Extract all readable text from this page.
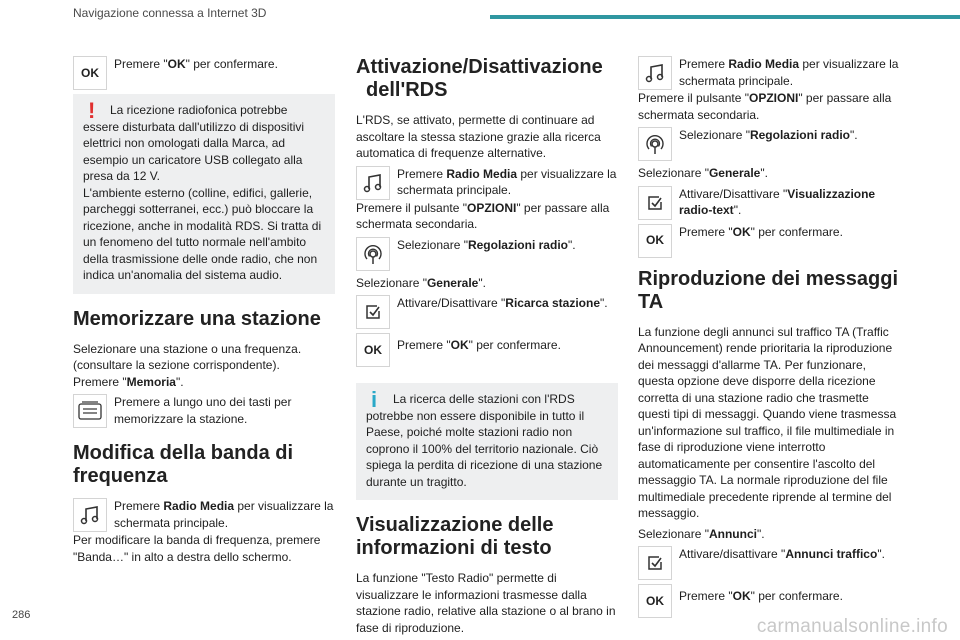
Navigazione connessa a Internet 3D
OK
Premere "OK" per confermare.
!	La ricezione radiofonica potrebbe essere disturbata dall'utilizzo di dispositivi elettrici non omologati dalla Marca, ad esempio un caricatore USB collegato alla presa da 12 V.
L'ambiente esterno (colline, edifici, gallerie, parcheggi sotterranei, ecc.) può bloccare la ricezione, anche in modalità RDS. Si tratta di un fenomeno del tutto normale nell'ambito della trasmissione delle onde radio, che non indica un'anomalia del sistema audio.
Memorizzare una stazione
Selezionare una stazione o una frequenza.
(consultare la sezione corrispondente).
Premere "Memoria".
Premere a lungo uno dei tasti per memorizzare la stazione.
Modifica della banda di
frequenza
Premere Radio Media per visualizzare la schermata principale.
Per modificare la banda di frequenza, premere "Banda…" in alto a destra dello schermo.
Attivazione/Disattivazione
dell'RDS
L'RDS, se attivato, permette di continuare ad ascoltare la stessa stazione grazie alla ricerca automatica di frequenze alternative.
Premere Radio Media per visualizzare la schermata principale.
Premere il pulsante "OPZIONI" per passare alla schermata secondaria.
Selezionare "Regolazioni radio".
Selezionare "Generale".
Attivare/Disattivare "Ricarca stazione".
OK Premere "OK" per confermare.
i	La ricerca delle stazioni con l'RDS potrebbe non essere disponibile in tutto il Paese, poiché molte stazioni radio non coprono il 100% del territorio nazionale. Ciò spiega la perdita di ricezione di una stazione durante un tragitto.
Visualizzazione delle
informazioni di testo
La funzione "Testo Radio" permette di visualizzare le informazioni trasmesse dalla stazione radio, relative alla stazione o al brano in fase di riproduzione.
Premere Radio Media per visualizzare la schermata principale.
Premere il pulsante "OPZIONI" per passare alla schermata secondaria.
Selezionare "Regolazioni radio".
Selezionare "Generale".
Attivare/Disattivare "Visualizzazione radio-text".
OK
Premere "OK" per confermare.
Riproduzione dei messaggi
TA
La funzione degli annunci sul traffico TA (Traffic Announcement) rende prioritaria la riproduzione dei messaggi d'allarme TA. Per funzionare, questa opzione deve disporre della ricezione corretta di una stazione radio che trasmette questi tipi di messaggi. Quando viene trasmessa un'informazione sul traffico, il file multimediale in fase di riproduzione viene interrotto automaticamente per consentire l'ascolto del messaggio TA. La normale riproduzione del file multimediale precedente riprende al termine del messaggio.
Selezionare "Annunci".
Attivare/disattivare "Annunci traffico".
OK Premere "OK" per confermare.
286
carmanualsonline.info
